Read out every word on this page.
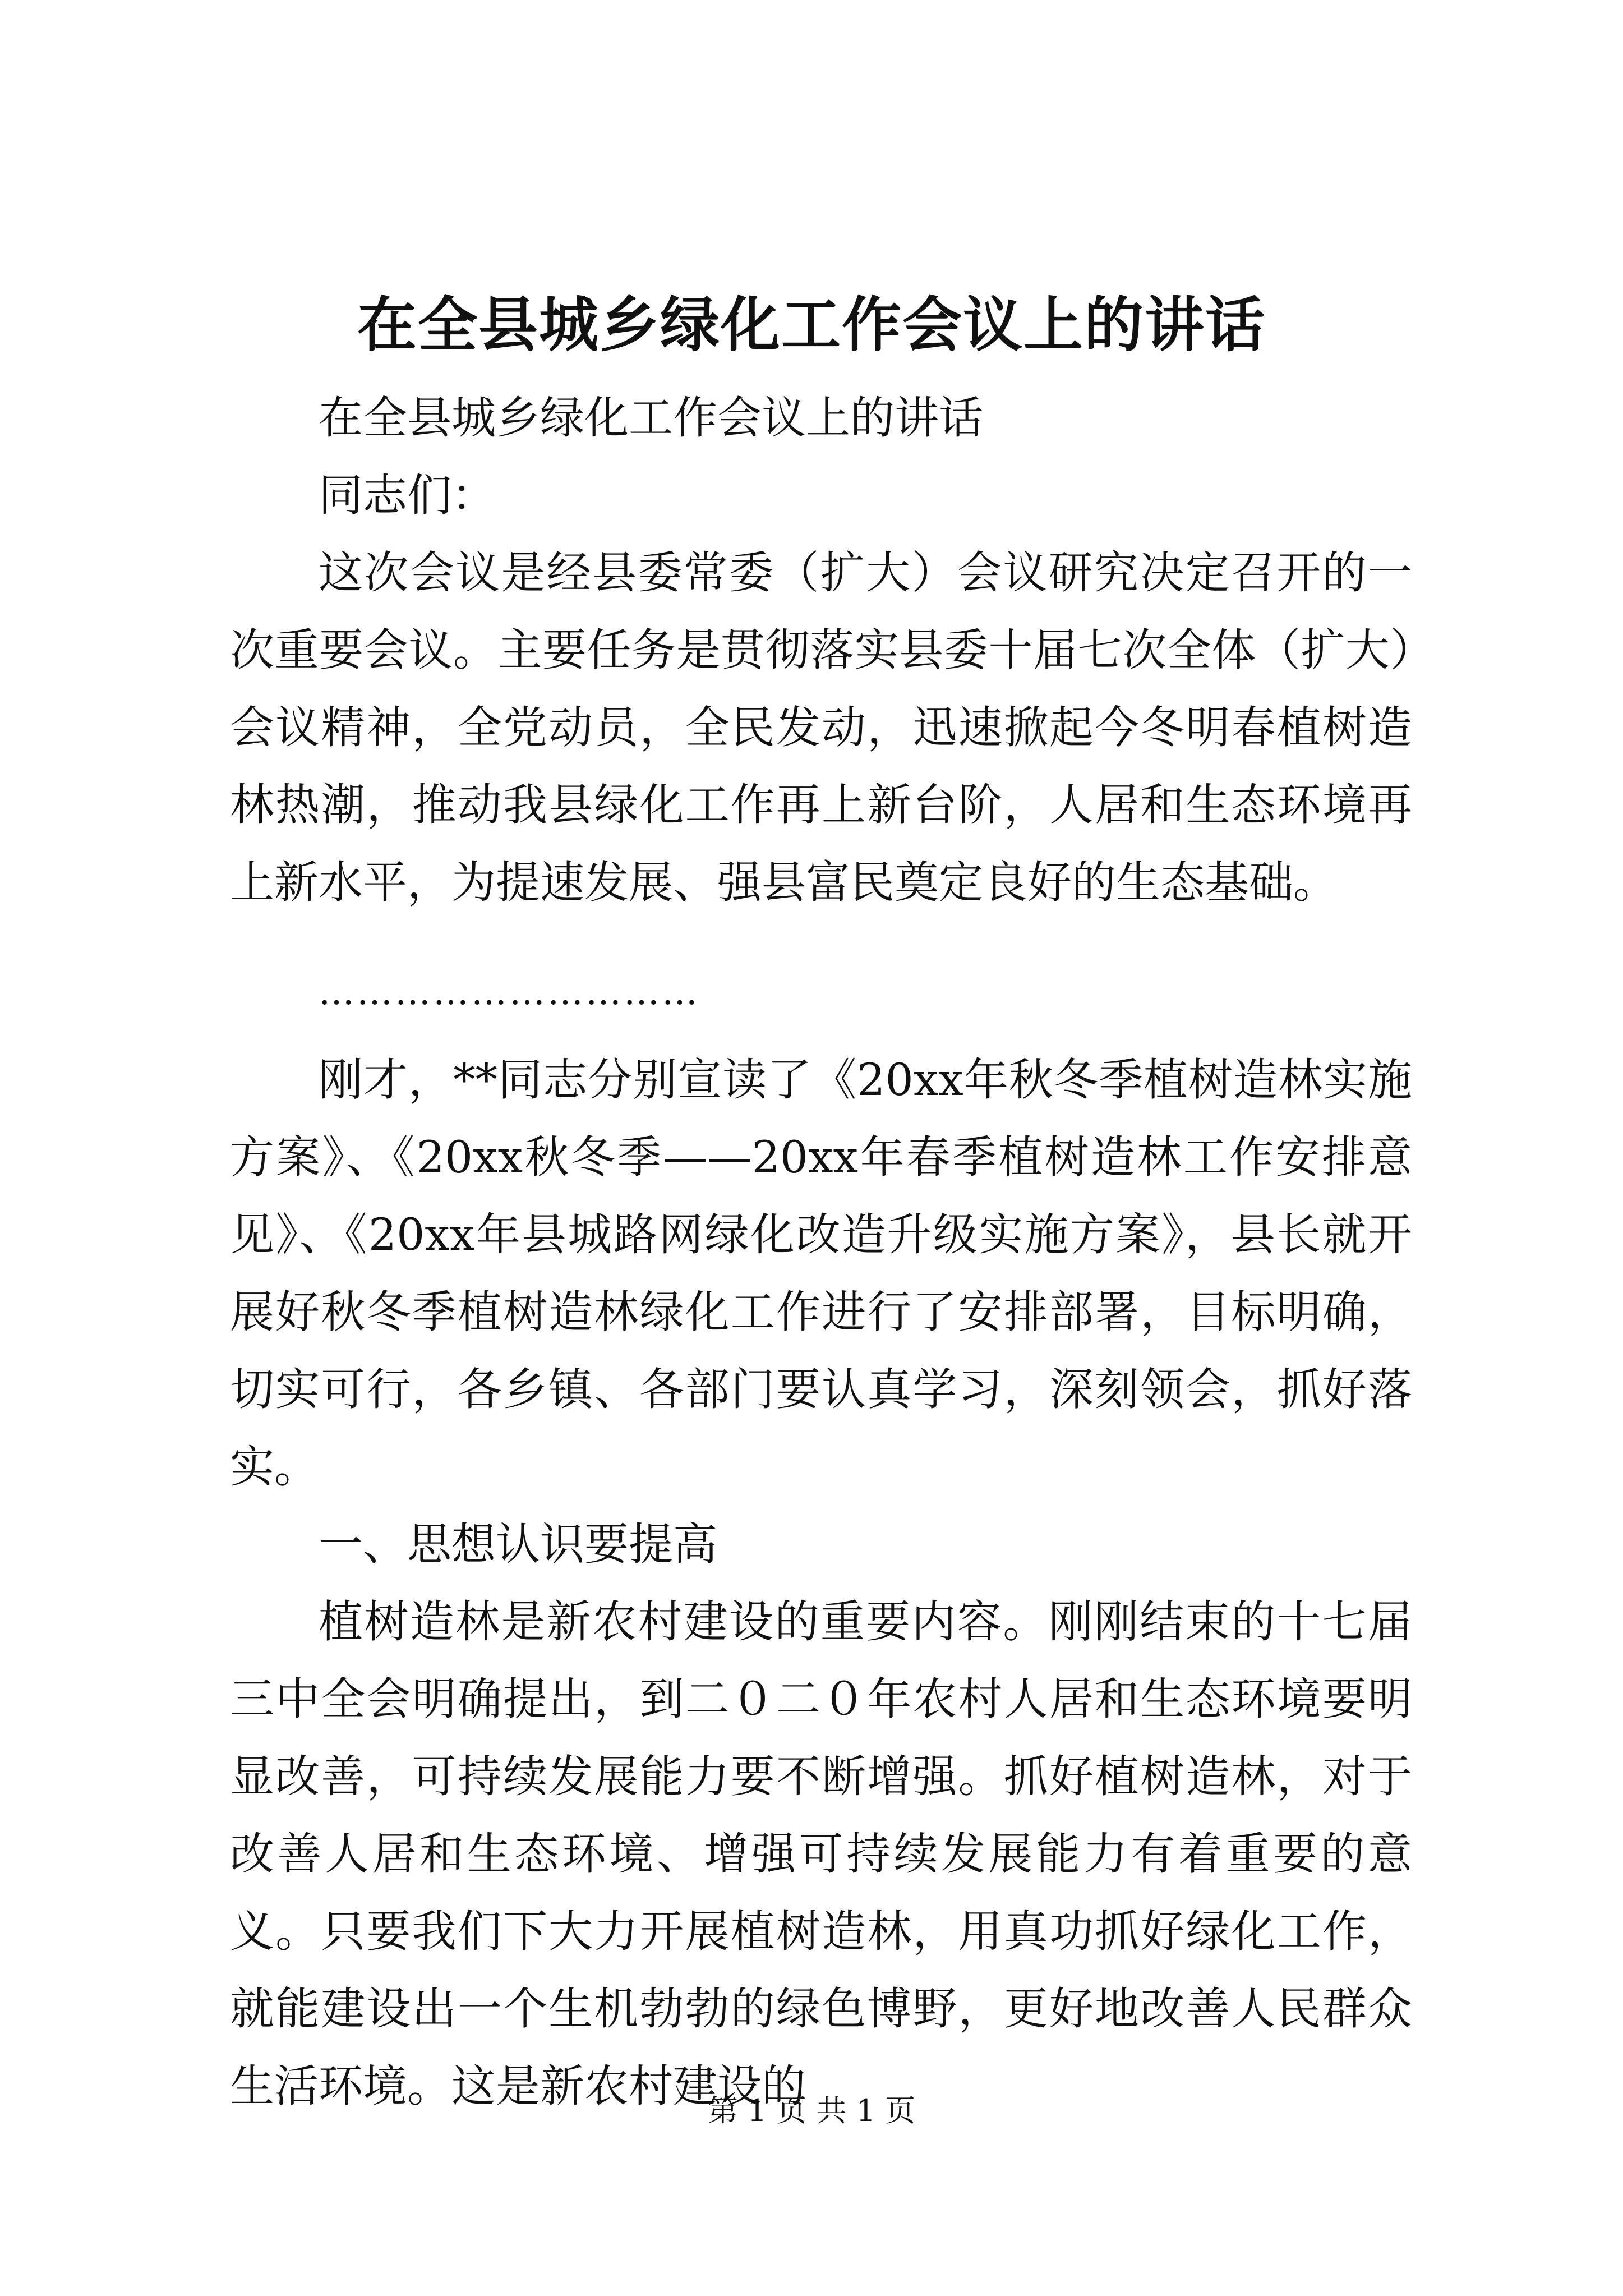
在全县城乡绿化工作会议上的讲话

在全县城乡绿化工作会议上的讲话

同志们：

这次会议是经县委常委（扩大）会议研究决定召开的一次重要会议。主要任务是贯彻落实县委十届七次全体（扩大）会议精神，全党动员，全民发动，迅速掀起今冬明春植树造林热潮，推动我县绿化工作再上新台阶，人居和生态环境再上新水平，为提速发展、强县富民奠定良好的生态基础。

…………………………

刚才，**同志分别宣读了《20xx年秋冬季植树造林实施方案》、《20xx秋冬季——20xx年春季植树造林工作安排意见》、《20xx年县城路网绿化改造升级实施方案》，县长就开展好秋冬季植树造林绿化工作进行了安排部署，目标明确，切实可行，各乡镇、各部门要认真学习，深刻领会，抓好落实。

一、思想认识要提高

植树造林是新农村建设的重要内容。刚刚结束的十七届三中全会明确提出，到二０二０年农村人居和生态环境要明显改善，可持续发展能力要不断增强。抓好植树造林，对于改善人居和生态环境、增强可持续发展能力有着重要的意义。只要我们下大力开展植树造林，用真功抓好绿化工作，就能建设出一个生机勃勃的绿色博野，更好地改善人民群众生活环境。这是新农村建设的

第 1 页 共 1 页
